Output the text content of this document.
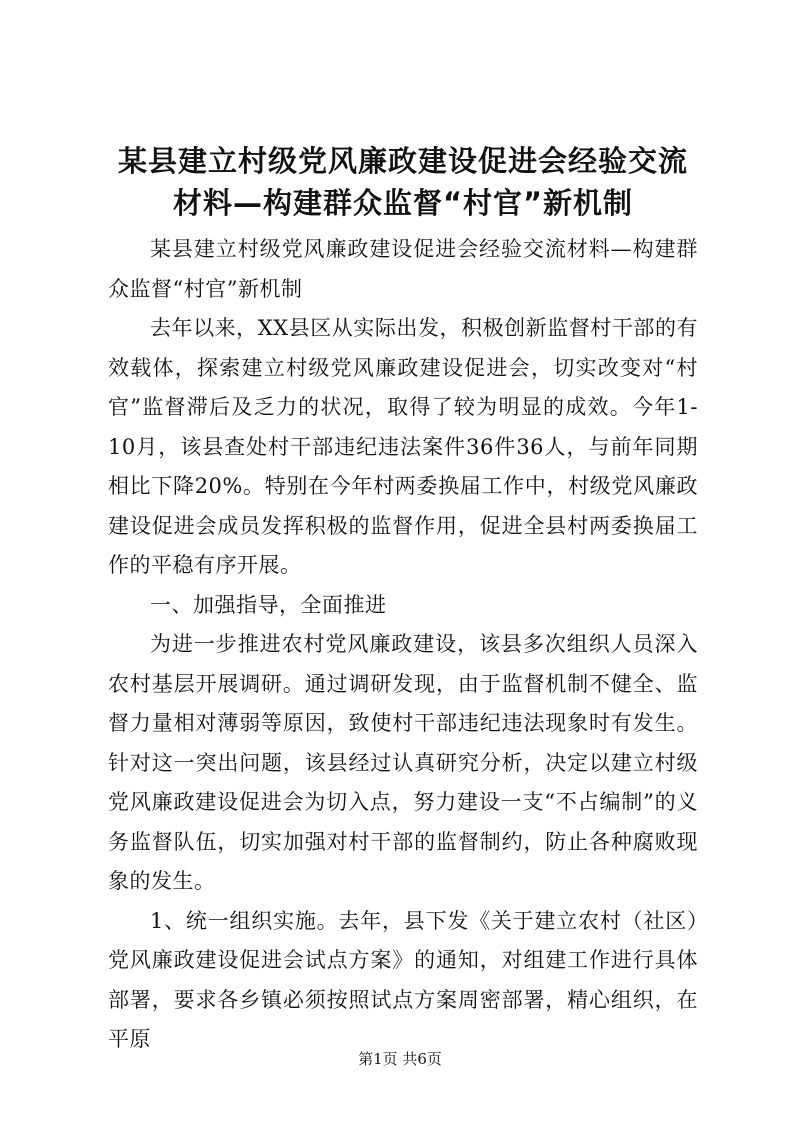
某县建立村级党风廉政建设促进会经验交流材料—构建群众监督“村官”新机制

某县建立村级党风廉政建设促进会经验交流材料—构建群众监督“村官”新机制

去年以来，XX县区从实际出发，积极创新监督村干部的有效载体，探索建立村级党风廉政建设促进会，切实改变对“村官”监督滞后及乏力的状况，取得了较为明显的成效。今年1-10月，该县查处村干部违纪违法案件36件36人，与前年同期相比下降20%。特别在今年村两委换届工作中，村级党风廉政建设促进会成员发挥积极的监督作用，促进全县村两委换届工作的平稳有序开展。

一、加强指导，全面推进

为进一步推进农村党风廉政建设，该县多次组织人员深入农村基层开展调研。通过调研发现，由于监督机制不健全、监督力量相对薄弱等原因，致使村干部违纪违法现象时有发生。针对这一突出问题，该县经过认真研究分析，决定以建立村级党风廉政建设促进会为切入点，努力建设一支“不占编制”的义务监督队伍，切实加强对村干部的监督制约，防止各种腐败现象的发生。

1、统一组织实施。去年，县下发《关于建立农村（社区）党风廉政建设促进会试点方案》的通知，对组建工作进行具体部署，要求各乡镇必须按照试点方案周密部署，精心组织，在平原

第1页 共6页
